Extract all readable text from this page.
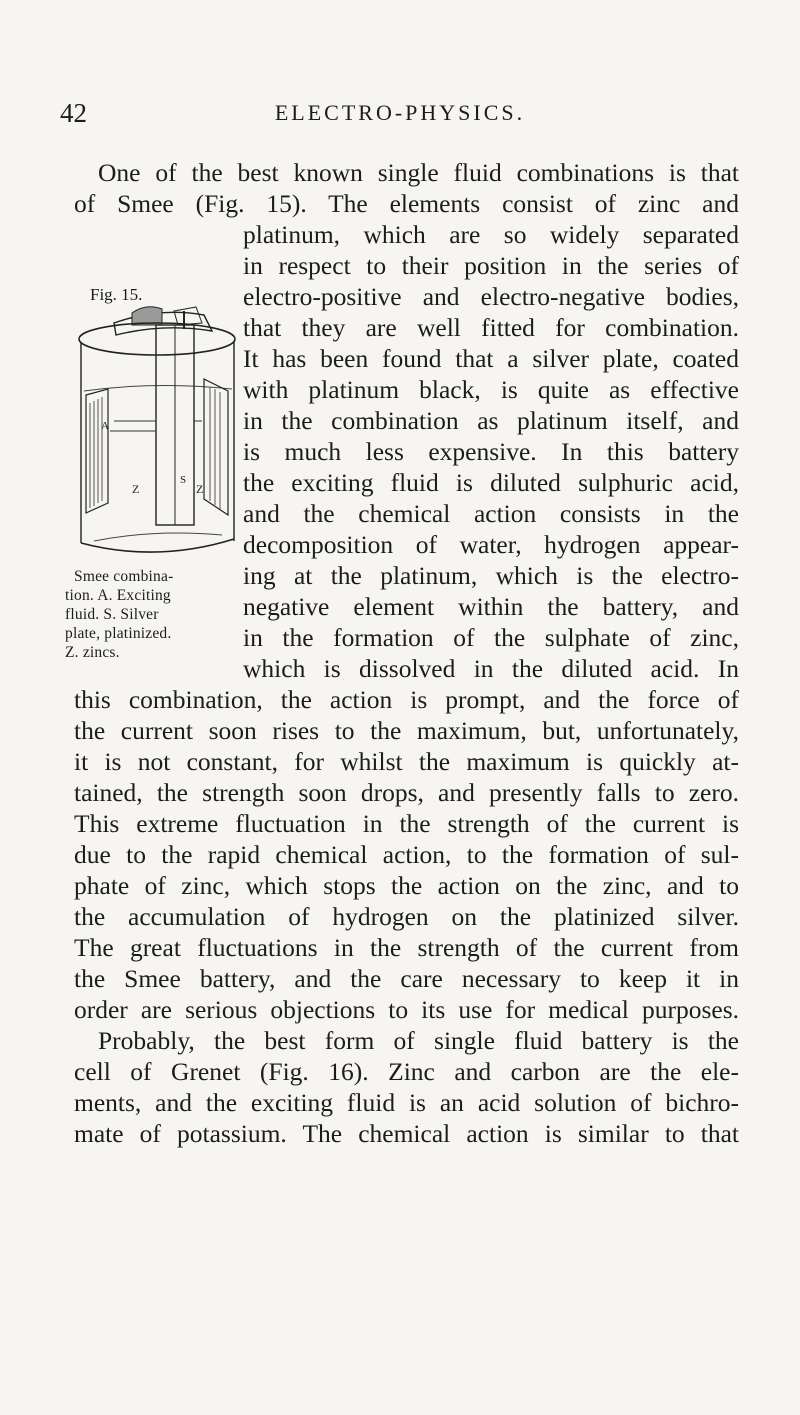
42	ELECTRO-PHYSICS.
One of the best known single fluid combinations is that
of Smee (Fig. 15). The elements consist of zinc and
platinum, which are so widely separated
in respect to their position in the series of
electro-positive and electro-negative bodies,
that they are well fitted for combination.
It has been found that a silver plate, coated
with platinum black, is quite as effective
in the combination as platinum itself, and
is much less expensive. In this battery
the exciting fluid is diluted sulphuric acid,
and the chemical action consists in the
decomposition of water, hydrogen appear-
ing at the platinum, which is the electro-
negative element within the battery, and
in the formation of the sulphate of zinc,
which is dissolved in the diluted acid. In
this combination, the action is prompt, and the force of
the current soon rises to the maximum, but, unfortunately,
it is not constant, for whilst the maximum is quickly at-
tained, the strength soon drops, and presently falls to zero.
This extreme fluctuation in the strength of the current is
due to the rapid chemical action, to the formation of sul-
phate of zinc, which stops the action on the zinc, and to
the accumulation of hydrogen on the platinized silver.
The great fluctuations in the strength of the current from
the Smee battery, and the care necessary to keep it in
order are serious objections to its use for medical purposes.
Probably, the best form of single fluid battery is the
cell of Grenet (Fig. 16). Zinc and carbon are the ele-
ments, and the exciting fluid is an acid solution of bichro-
mate of potassium. The chemical action is similar to that
Fig. 15.
A
Z
S
Z
Smee combina-
tion. A. Exciting
fluid. S. Silver
plate, platinized.
Z. zincs.
